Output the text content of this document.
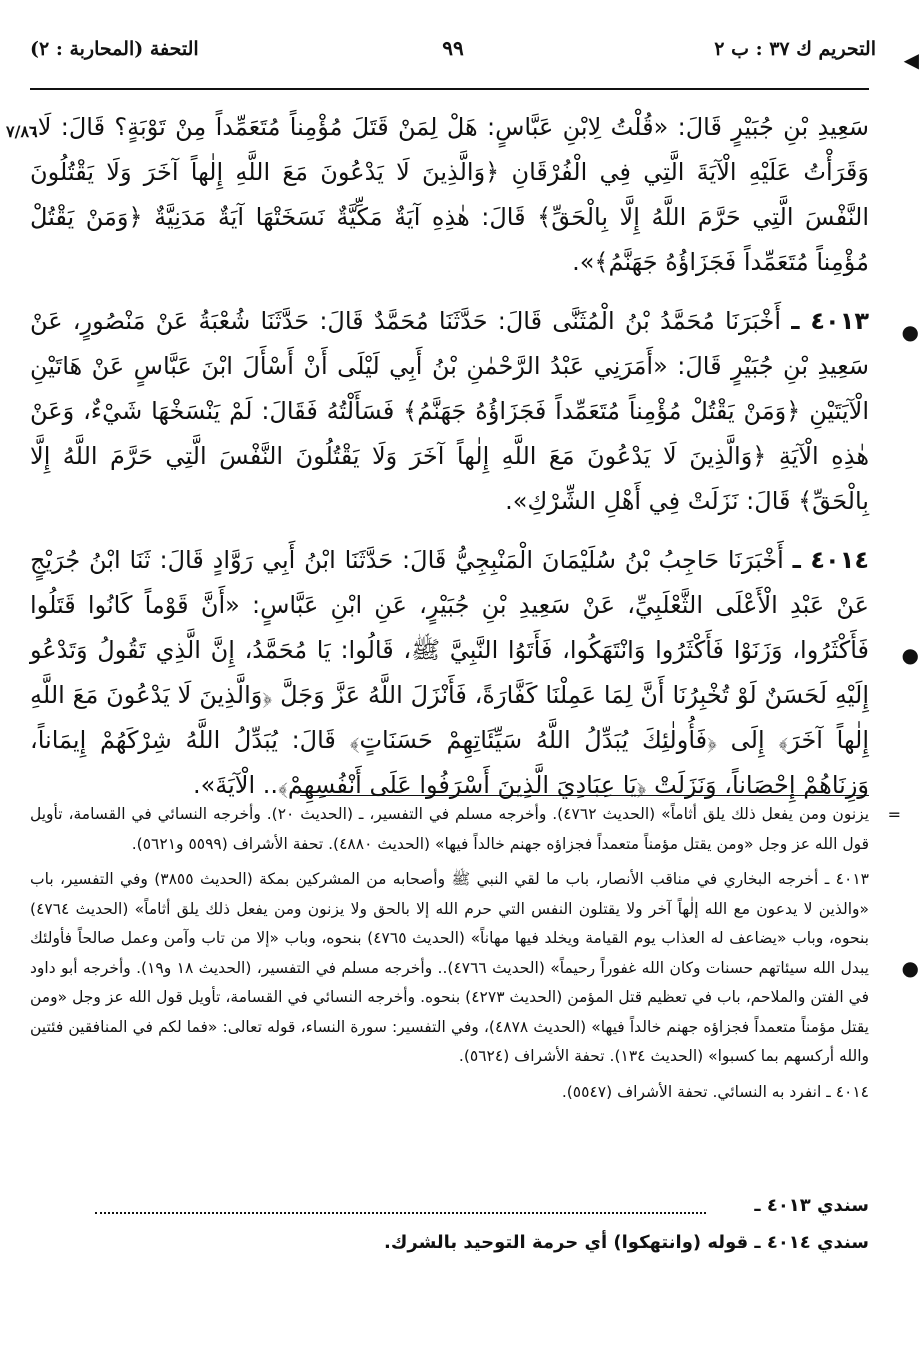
التحريم ك ٣٧ : ب ٢
٩٩
التحفة (المحاربة : ٢)	◀
●
●
●
٧/٨٦

سَعِيدِ بْنِ جُبَيْرٍ قَالَ: «قُلْتُ لِابْنِ عَبَّاسٍ: هَلْ لِمَنْ قَتَلَ مُؤْمِناً مُتَعَمِّداً مِنْ تَوْبَةٍ؟ قَالَ: لَا، وَقَرَأْتُ عَلَيْهِ الْآيَةَ الَّتِي فِي الْفُرْقَانِ ﴿وَالَّذِينَ لَا يَدْعُونَ مَعَ اللَّهِ إِلٰهاً آخَرَ وَلَا يَقْتُلُونَ النَّفْسَ الَّتِي حَرَّمَ اللَّهُ إِلَّا بِالْحَقِّ﴾ قَالَ: هٰذِهِ آيَةٌ مَكِّيَّةٌ نَسَخَتْهَا آيَةٌ مَدَنِيَّةٌ ﴿وَمَنْ يَقْتُلْ مُؤْمِناً مُتَعَمِّداً فَجَزَاؤُهُ جَهَنَّمُ﴾».

٤٠١٣ ـ أَخْبَرَنَا مُحَمَّدُ بْنُ الْمُثَنَّى قَالَ: حَدَّثَنَا مُحَمَّدٌ قَالَ: حَدَّثَنَا شُعْبَةُ عَنْ مَنْصُورٍ، عَنْ سَعِيدِ بْنِ جُبَيْرٍ قَالَ: «أَمَرَنِي عَبْدُ الرَّحْمٰنِ بْنُ أَبِي لَيْلَى أَنْ أَسْأَلَ ابْنَ عَبَّاسٍ عَنْ هَاتَيْنِ الْآيَتَيْنِ ﴿وَمَنْ يَقْتُلْ مُؤْمِناً مُتَعَمِّداً فَجَزَاؤُهُ جَهَنَّمُ﴾ فَسَأَلْتُهُ فَقَالَ: لَمْ يَنْسَخْهَا شَيْءٌ، وَعَنْ هٰذِهِ الْآيَةِ ﴿وَالَّذِينَ لَا يَدْعُونَ مَعَ اللَّهِ إِلٰهاً آخَرَ وَلَا يَقْتُلُونَ النَّفْسَ الَّتِي حَرَّمَ اللَّهُ إِلَّا بِالْحَقِّ﴾ قَالَ: نَزَلَتْ فِي أَهْلِ الشِّرْكِ».

٤٠١٤ ـ أَخْبَرَنَا حَاجِبُ بْنُ سُلَيْمَانَ الْمَنْبِجِيُّ قَالَ: حَدَّثَنَا ابْنُ أَبِي رَوَّادٍ قَالَ: ثَنَا ابْنُ جُرَيْجٍ عَنْ عَبْدِ الْأَعْلَى الثَّعْلَبِيِّ، عَنْ سَعِيدِ بْنِ جُبَيْرٍ، عَنِ ابْنِ عَبَّاسٍ: «أَنَّ قَوْماً كَانُوا قَتَلُوا فَأَكْثَرُوا، وَزَنَوْا فَأَكْثَرُوا وَانْتَهَكُوا، فَأَتَوُا النَّبِيَّ ﷺ، قَالُوا: يَا مُحَمَّدُ، إِنَّ الَّذِي تَقُولُ وَتَدْعُو إِلَيْهِ لَحَسَنٌ لَوْ تُخْبِرُنَا أَنَّ لِمَا عَمِلْنَا كَفَّارَةً، فَأَنْزَلَ اللَّهُ عَزَّ وَجَلَّ ﴿وَالَّذِينَ لَا يَدْعُونَ مَعَ اللَّهِ إِلٰهاً آخَرَ﴾ إِلَى ﴿فَأُولٰئِكَ يُبَدِّلُ اللَّهُ سَيِّئَاتِهِمْ حَسَنَاتٍ﴾ قَالَ: يُبَدِّلُ اللَّهُ شِرْكَهُمْ إِيمَاناً، وَزِنَاهُمْ إِحْصَاناً، وَنَزَلَتْ ﴿يَا عِبَادِيَ الَّذِينَ أَسْرَفُوا عَلَى أَنْفُسِهِمْ﴾.. الْآيَةَ».

=
يزنون ومن يفعل ذلك يلق أثاماً» (الحديث ٤٧٦٢). وأخرجه مسلم في التفسير، ـ (الحديث ٢٠). وأخرجه النسائي في القسامة، تأويل قول الله عز وجل «ومن يقتل مؤمناً متعمداً فجزاؤه جهنم خالداً فيها» (الحديث ٤٨٨٠). تحفة الأشراف (٥٥٩٩ و٥٦٢١).

٤٠١٣ ـ أخرجه البخاري في مناقب الأنصار، باب ما لقي النبي ﷺ وأصحابه من المشركين بمكة (الحديث ٣٨٥٥) وفي التفسير، باب «والذين لا يدعون مع الله إلٰهاً آخر ولا يقتلون النفس التي حرم الله إلا بالحق ولا يزنون ومن يفعل ذلك يلق أثاماً» (الحديث ٤٧٦٤) بنحوه، وباب «يضاعف له العذاب يوم القيامة ويخلد فيها مهاناً» (الحديث ٤٧٦٥) بنحوه، وباب «إلا من تاب وآمن وعمل صالحاً فأولئك يبدل الله سيئاتهم حسنات وكان الله غفوراً رحيماً» (الحديث ٤٧٦٦).. وأخرجه مسلم في التفسير، (الحديث ١٨ و١٩). وأخرجه أبو داود في الفتن والملاحم، باب في تعظيم قتل المؤمن (الحديث ٤٢٧٣) بنحوه. وأخرجه النسائي في القسامة، تأويل قول الله عز وجل «ومن يقتل مؤمناً متعمداً فجزاؤه جهنم خالداً فيها» (الحديث ٤٨٧٨)، وفي التفسير: سورة النساء، قوله تعالى: «فما لكم في المنافقين فئتين والله أركسهم بما كسبوا» (الحديث ١٣٤). تحفة الأشراف (٥٦٢٤).

٤٠١٤ ـ انفرد به النسائي. تحفة الأشراف (٥٥٤٧).

سندي ٤٠١٣ ـ
سندي ٤٠١٤ ـ قوله (وانتهكوا) أي حرمة التوحيد بالشرك.
